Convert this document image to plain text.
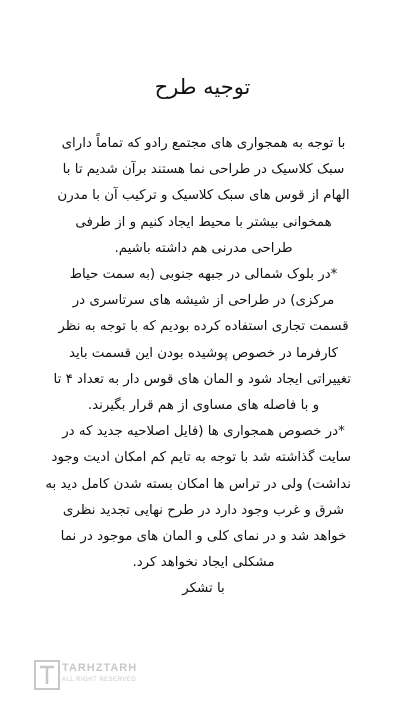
توجیه طرح
با توجه به همجواری های مجتمع رادو که تماماً دارای
سبک کلاسیک در طراحی نما هستند برآن شدیم تا با
الهام از قوس های سبک کلاسیک و ترکیب آن با مدرن
همخوانی بیشتر با محیط ایجاد کنیم و از طرفی
طراحی مدرنی هم داشته باشیم.
*در بلوک شمالی در جبهه جنوبی (به سمت حیاط
مرکزی) در طراحی از شیشه های سرتاسری در
قسمت تجاری استفاده کرده بودیم که با توجه به نظر
کارفرما در خصوص پوشیده بودن این قسمت باید
تغییراتی ایجاد شود و المان های قوس دار به تعداد ۴ تا
و با فاصله های مساوی از هم قرار بگیرند.
*در خصوص همجواری ها (فایل اصلاحیه جدید که در
سایت گذاشته شد با توجه به تایم کم امکان ادیت وجود
نداشت) ولی در تراس ها امکان بسته شدن کامل دید به
شرق و غرب وجود دارد در طرح نهایی تجدید نظری
خواهد شد و در نمای کلی و المان های موجود در نما
مشکلی ایجاد نخواهد کرد.
با تشکر
TARHZTARH
ALL RIGHT RESERVED
